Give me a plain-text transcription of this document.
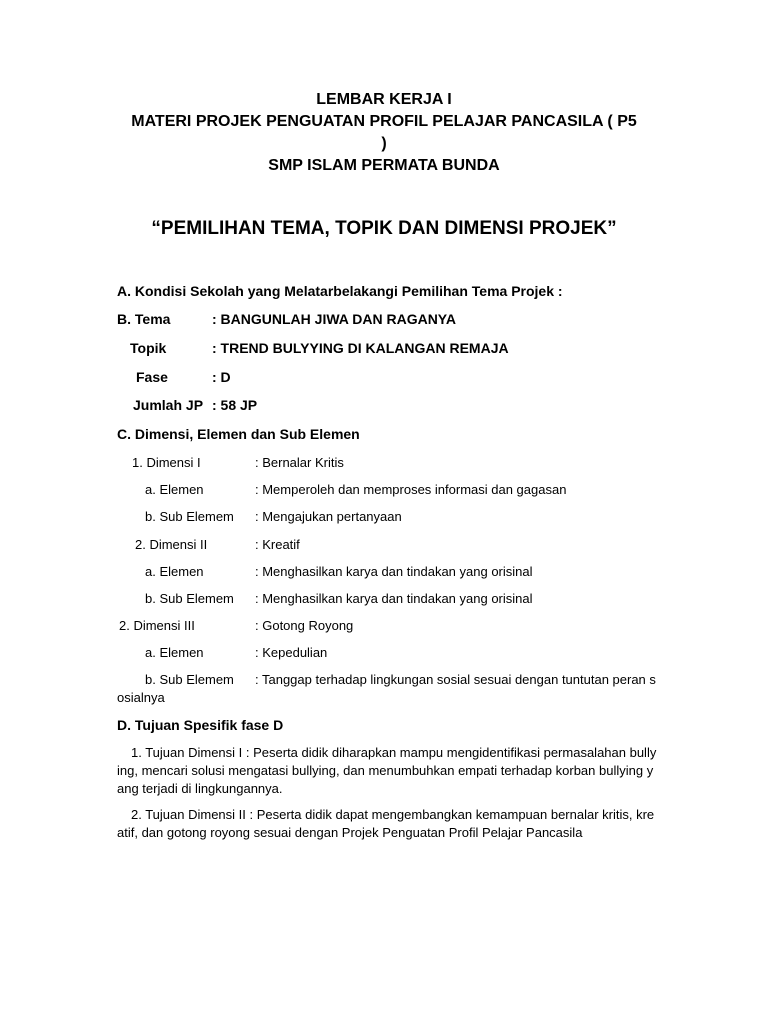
LEMBAR KERJA I
MATERI PROJEK PENGUATAN PROFIL PELAJAR PANCASILA ( P5
)
SMP ISLAM PERMATA BUNDA
“PEMILIHAN TEMA, TOPIK DAN DIMENSI PROJEK”
A. Kondisi Sekolah yang Melatarbelakangi Pemilihan Tema Projek :
B. Tema	: BANGUNLAH JIWA DAN RAGANYA
Topik	: TREND BULYYING DI KALANGAN REMAJA
Fase	: D
Jumlah JP : 58 JP
C. Dimensi, Elemen dan Sub Elemen
1. Dimensi I	: Bernalar Kritis
a. Elemen	: Memperoleh dan memproses informasi dan gagasan
b. Sub Elemem : Mengajukan pertanyaan
2. Dimensi II	: Kreatif
a. Elemen	: Menghasilkan karya dan tindakan yang orisinal
b. Sub Elemem : Menghasilkan karya dan tindakan yang orisinal
2. Dimensi III	: Gotong Royong
a. Elemen	: Kepedulian
b. Sub Elemem : Tanggap terhadap lingkungan sosial sesuai dengan tuntutan peran s
osialnya
D. Tujuan Spesifik fase D
1. Tujuan Dimensi I : Peserta didik diharapkan mampu mengidentifikasi permasalahan bullying, mencari solusi mengatasi bullying, dan menumbuhkan empati terhadap korban bullying yang terjadi di lingkungannya.
2. Tujuan Dimensi II : Peserta didik dapat mengembangkan kemampuan bernalar kritis, kreatif, dan gotong royong sesuai dengan Projek Penguatan Profil Pelajar Pancasila
